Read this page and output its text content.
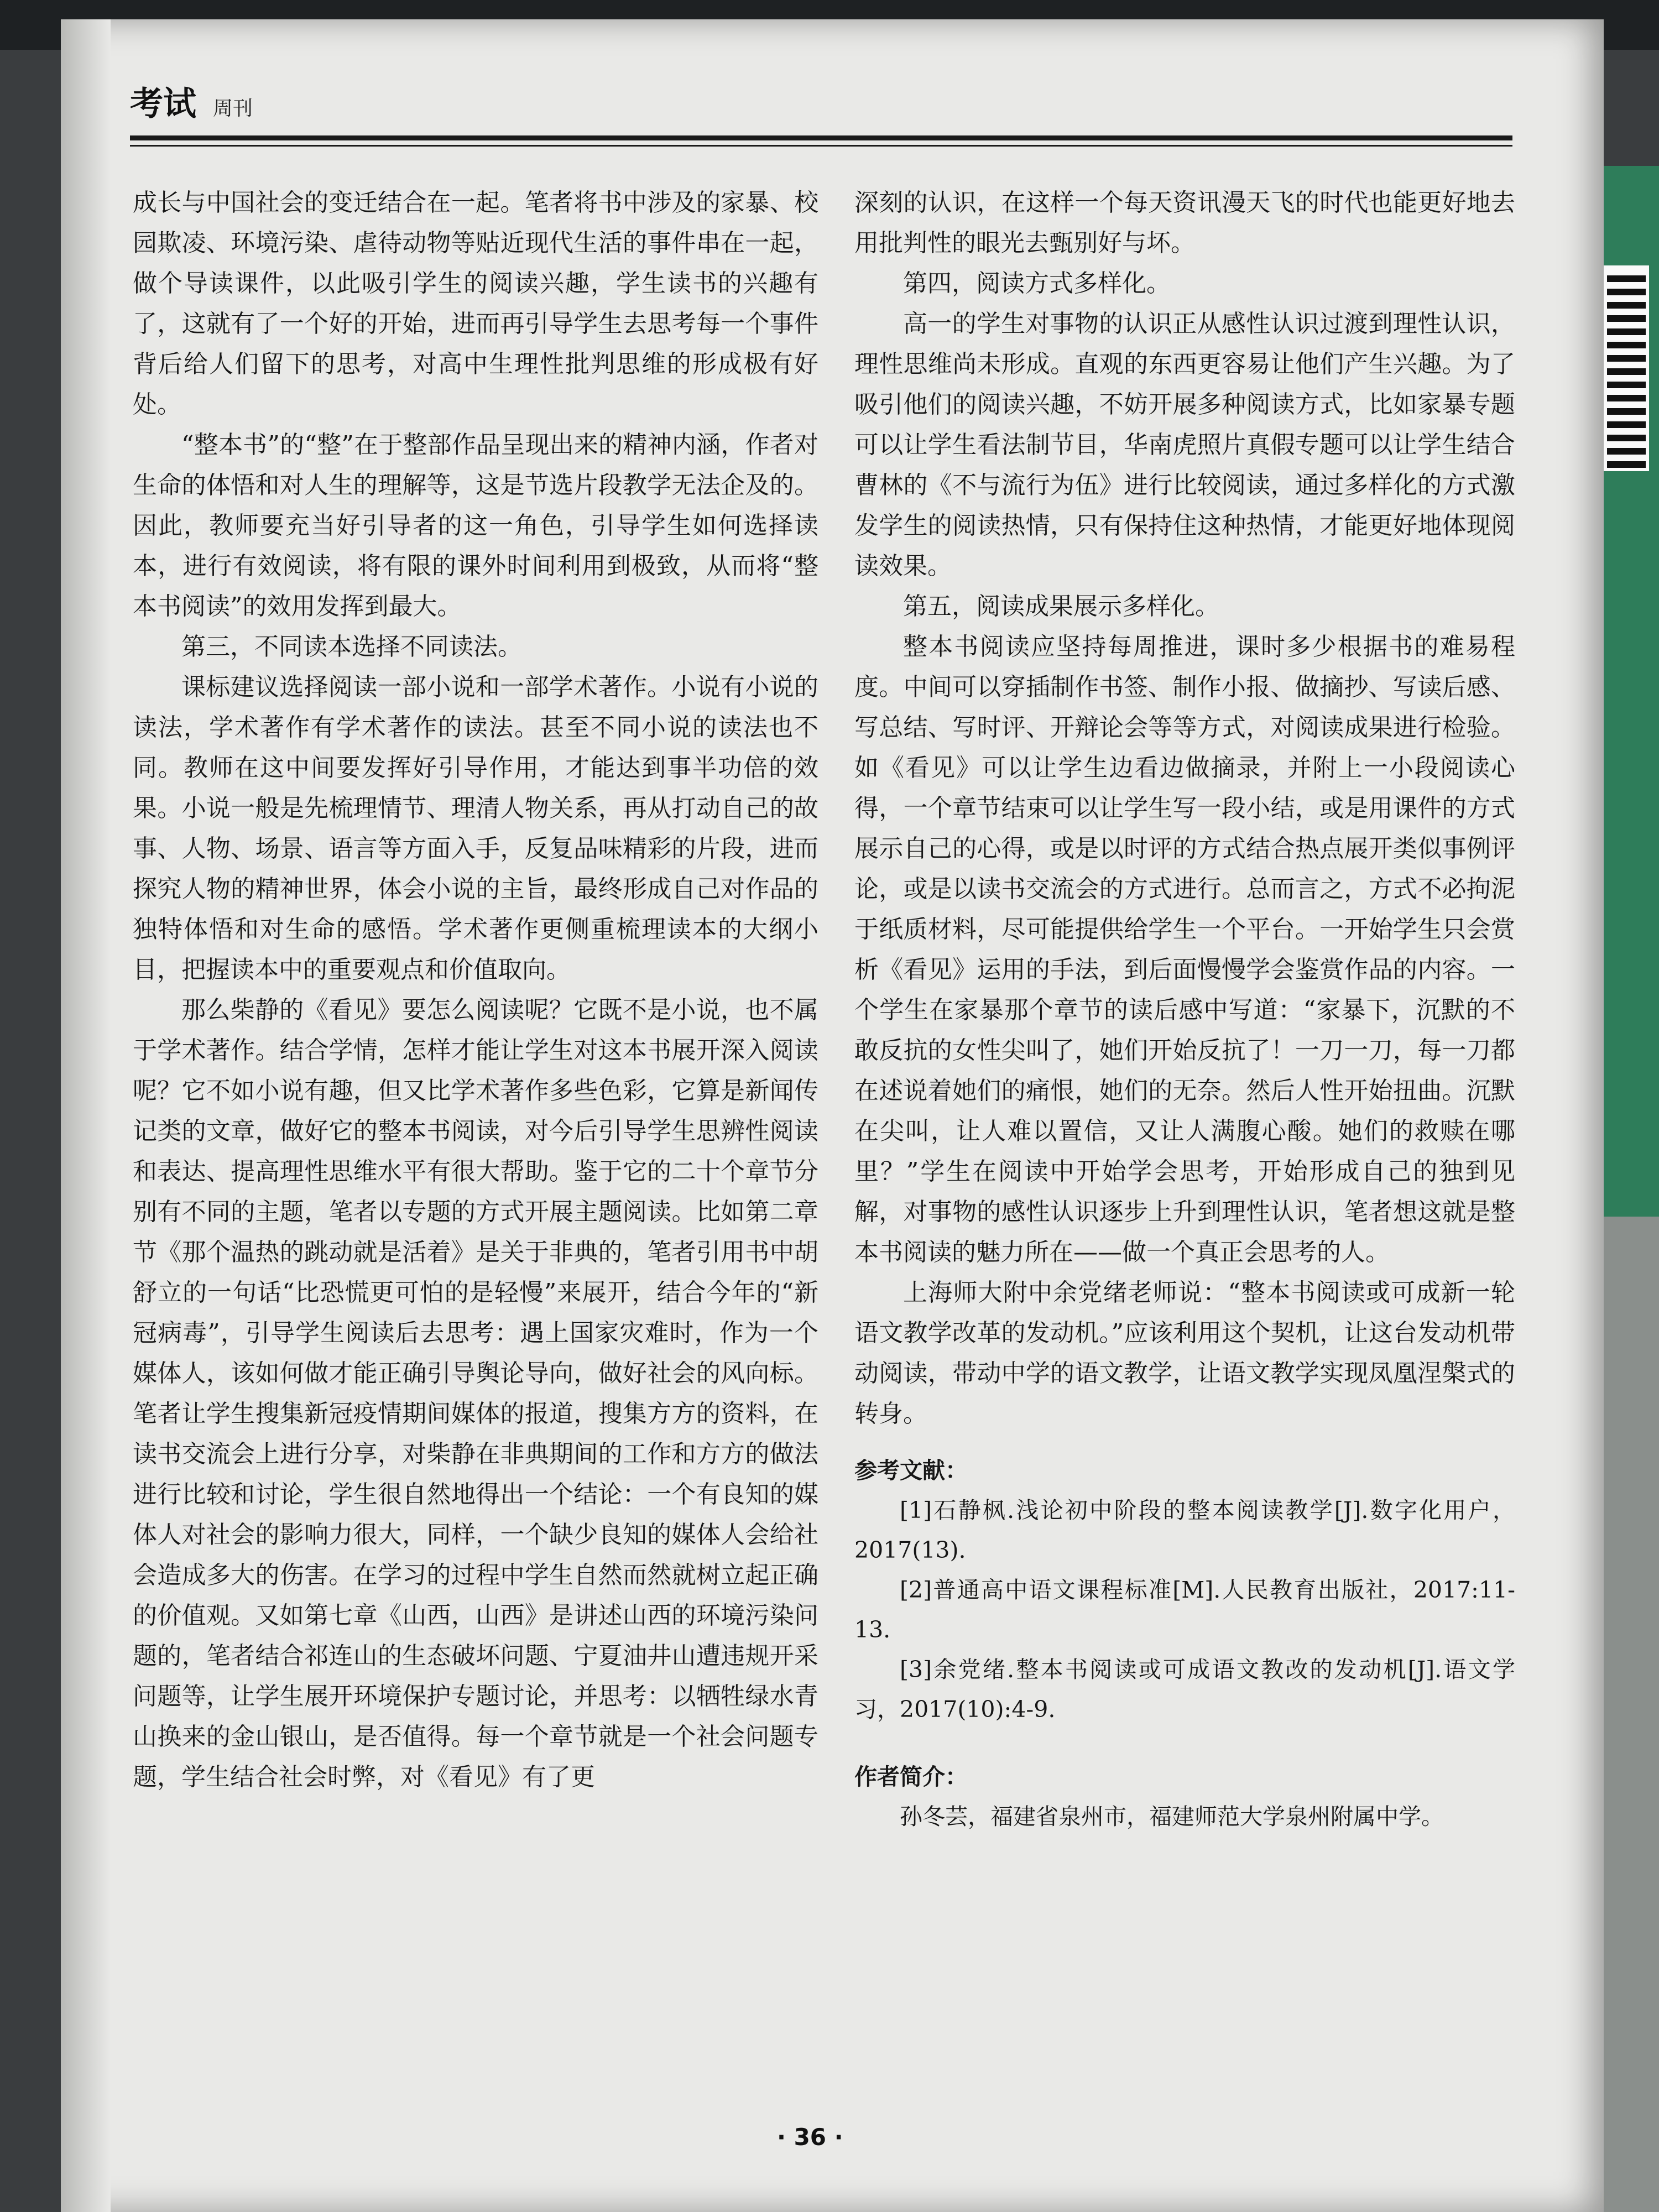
考试 周刊

成长与中国社会的变迁结合在一起。笔者将书中涉及的家暴、校园欺凌、环境污染、虐待动物等贴近现代生活的事件串在一起，做个导读课件，以此吸引学生的阅读兴趣，学生读书的兴趣有了，这就有了一个好的开始，进而再引导学生去思考每一个事件背后给人们留下的思考，对高中生理性批判思维的形成极有好处。

“整本书”的“整”在于整部作品呈现出来的精神内涵，作者对生命的体悟和对人生的理解等，这是节选片段教学无法企及的。因此，教师要充当好引导者的这一角色，引导学生如何选择读本，进行有效阅读，将有限的课外时间利用到极致，从而将“整本书阅读”的效用发挥到最大。

第三，不同读本选择不同读法。

课标建议选择阅读一部小说和一部学术著作。小说有小说的读法，学术著作有学术著作的读法。甚至不同小说的读法也不同。教师在这中间要发挥好引导作用，才能达到事半功倍的效果。小说一般是先梳理情节、理清人物关系，再从打动自己的故事、人物、场景、语言等方面入手，反复品味精彩的片段，进而探究人物的精神世界，体会小说的主旨，最终形成自己对作品的独特体悟和对生命的感悟。学术著作更侧重梳理读本的大纲小目，把握读本中的重要观点和价值取向。

那么柴静的《看见》要怎么阅读呢？它既不是小说，也不属于学术著作。结合学情，怎样才能让学生对这本书展开深入阅读呢？它不如小说有趣，但又比学术著作多些色彩，它算是新闻传记类的文章，做好它的整本书阅读，对今后引导学生思辨性阅读和表达、提高理性思维水平有很大帮助。鉴于它的二十个章节分别有不同的主题，笔者以专题的方式开展主题阅读。比如第二章节《那个温热的跳动就是活着》是关于非典的，笔者引用书中胡舒立的一句话“比恐慌更可怕的是轻慢”来展开，结合今年的“新冠病毒”，引导学生阅读后去思考：遇上国家灾难时，作为一个媒体人，该如何做才能正确引导舆论导向，做好社会的风向标。笔者让学生搜集新冠疫情期间媒体的报道，搜集方方的资料，在读书交流会上进行分享，对柴静在非典期间的工作和方方的做法进行比较和讨论，学生很自然地得出一个结论：一个有良知的媒体人对社会的影响力很大，同样，一个缺少良知的媒体人会给社会造成多大的伤害。在学习的过程中学生自然而然就树立起正确的价值观。又如第七章《山西，山西》是讲述山西的环境污染问题的，笔者结合祁连山的生态破坏问题、宁夏油井山遭违规开采问题等，让学生展开环境保护专题讨论，并思考：以牺牲绿水青山换来的金山银山，是否值得。每一个章节就是一个社会问题专题，学生结合社会时弊，对《看见》有了更

深刻的认识，在这样一个每天资讯漫天飞的时代也能更好地去用批判性的眼光去甄别好与坏。

第四，阅读方式多样化。

高一的学生对事物的认识正从感性认识过渡到理性认识，理性思维尚未形成。直观的东西更容易让他们产生兴趣。为了吸引他们的阅读兴趣，不妨开展多种阅读方式，比如家暴专题可以让学生看法制节目，华南虎照片真假专题可以让学生结合曹林的《不与流行为伍》进行比较阅读，通过多样化的方式激发学生的阅读热情，只有保持住这种热情，才能更好地体现阅读效果。

第五，阅读成果展示多样化。

整本书阅读应坚持每周推进，课时多少根据书的难易程度。中间可以穿插制作书签、制作小报、做摘抄、写读后感、写总结、写时评、开辩论会等等方式，对阅读成果进行检验。如《看见》可以让学生边看边做摘录，并附上一小段阅读心得，一个章节结束可以让学生写一段小结，或是用课件的方式展示自己的心得，或是以时评的方式结合热点展开类似事例评论，或是以读书交流会的方式进行。总而言之，方式不必拘泥于纸质材料，尽可能提供给学生一个平台。一开始学生只会赏析《看见》运用的手法，到后面慢慢学会鉴赏作品的内容。一个学生在家暴那个章节的读后感中写道：“家暴下，沉默的不敢反抗的女性尖叫了，她们开始反抗了！一刀一刀，每一刀都在述说着她们的痛恨，她们的无奈。然后人性开始扭曲。沉默在尖叫，让人难以置信，又让人满腹心酸。她们的救赎在哪里？”学生在阅读中开始学会思考，开始形成自己的独到见解，对事物的感性认识逐步上升到理性认识，笔者想这就是整本书阅读的魅力所在——做一个真正会思考的人。

上海师大附中余党绪老师说：“整本书阅读或可成新一轮语文教学改革的发动机。”应该利用这个契机，让这台发动机带动阅读，带动中学的语文教学，让语文教学实现凤凰涅槃式的转身。

参考文献：

[1]石静枫.浅论初中阶段的整本阅读教学[J].数字化用户，2017(13).

[2]普通高中语文课程标准[M].人民教育出版社，2017:11-13.

[3]余党绪.整本书阅读或可成语文教改的发动机[J].语文学习，2017(10):4-9.

作者简介：

孙冬芸，福建省泉州市，福建师范大学泉州附属中学。

· 36 ·
